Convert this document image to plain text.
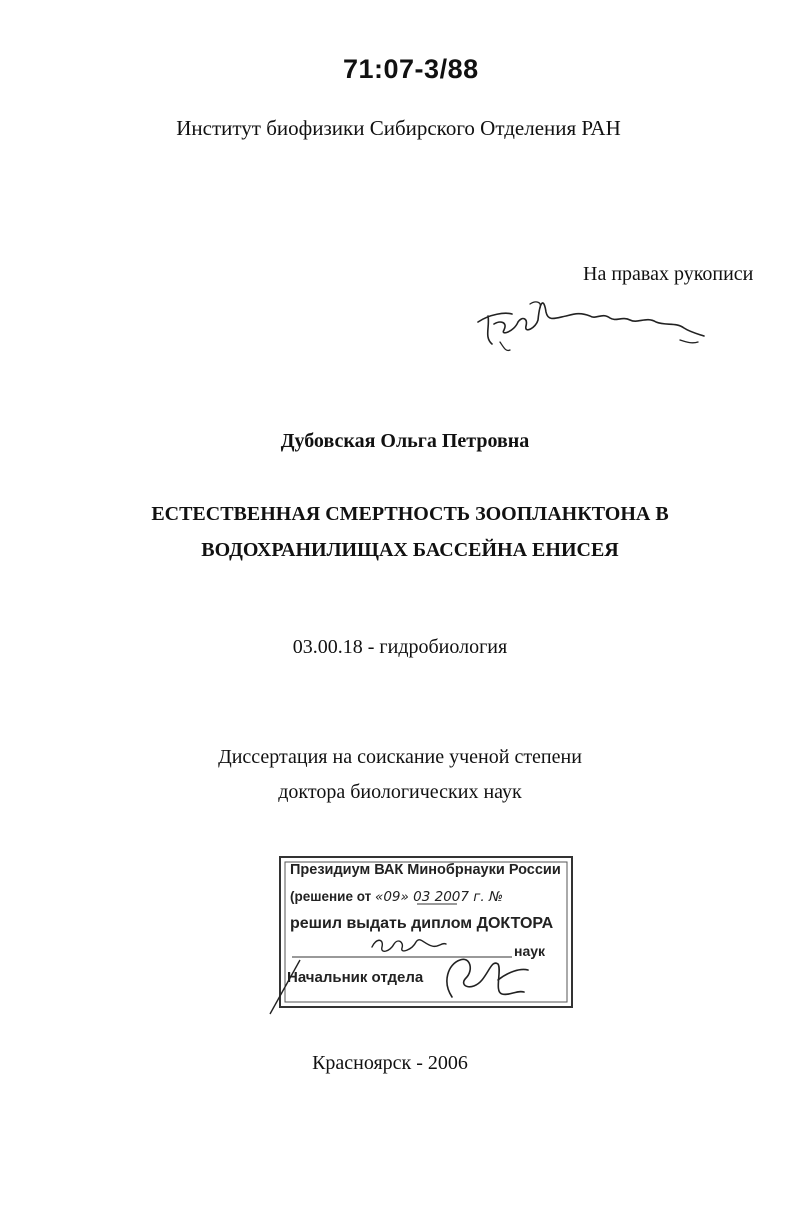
71:07-3/88
Институт биофизики Сибирского Отделения РАН
На правах рукописи
Дубовская Ольга Петровна
ЕСТЕСТВЕННАЯ СМЕРТНОСТЬ ЗООПЛАНКТОНА В
ВОДОХРАНИЛИЩАХ БАССЕЙНА ЕНИСЕЯ
03.00.18 - гидробиология
Диссертация на соискание ученой степени
доктора биологических наук
Президиум ВАК Минобрнауки России
(решение от «09» 03 2007 г. №
решил выдать диплом ДОКТОРА
наук
Начальник отдела
Красноярск - 2006
